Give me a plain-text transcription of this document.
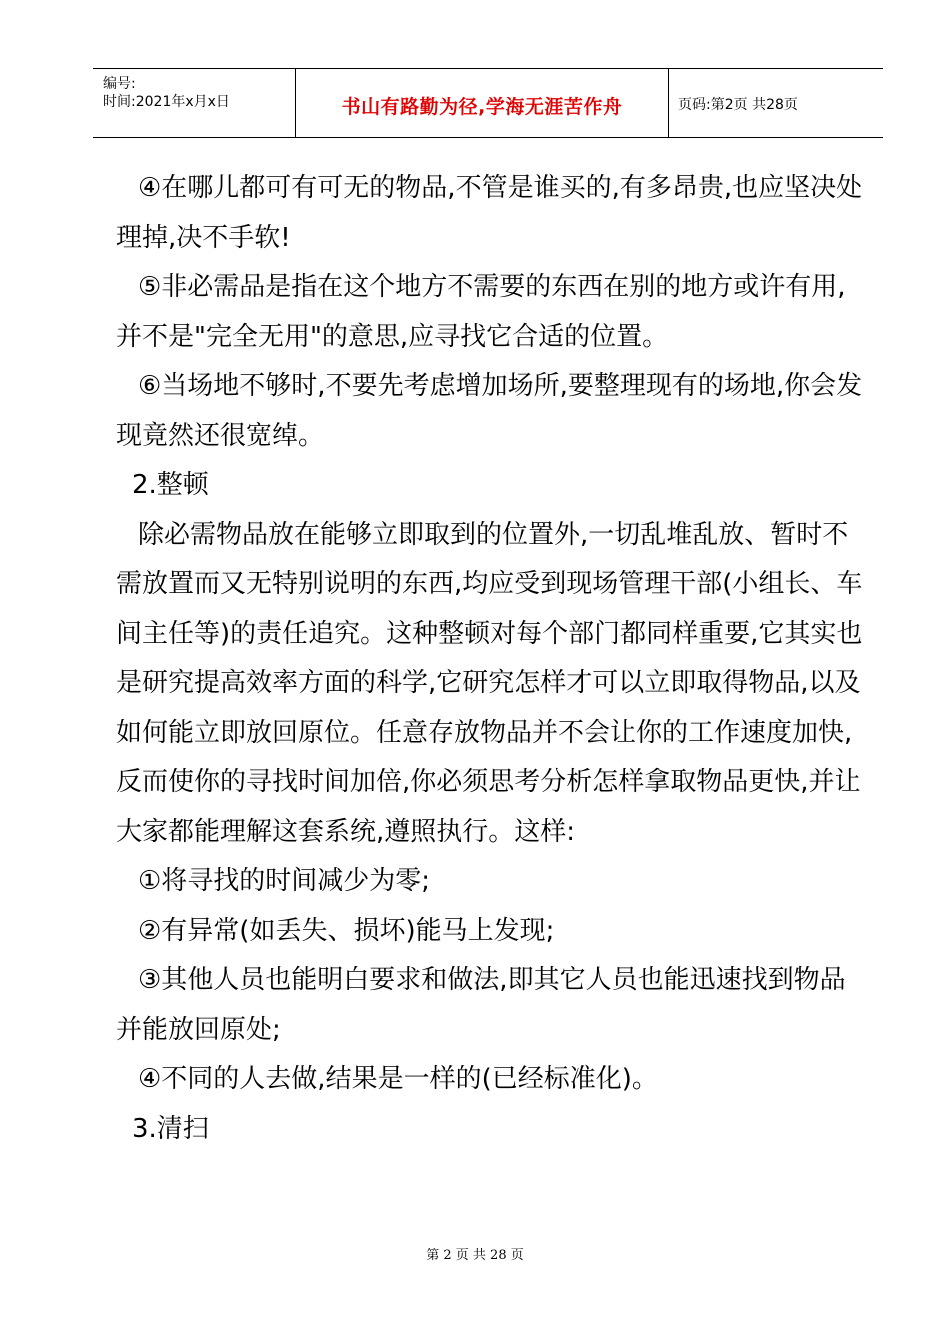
编号:
时间:2021年x月x日	书山有路勤为径,学海无涯苦作舟	页码:第2页 共28页

④在哪儿都可有可无的物品,不管是谁买的,有多昂贵,也应坚决处理掉,决不手软!

⑤非必需品是指在这个地方不需要的东西在别的地方或许有用,并不是"完全无用"的意思,应寻找它合适的位置。

⑥当场地不够时,不要先考虑增加场所,要整理现有的场地,你会发现竟然还很宽绰。

2.整顿

除必需物品放在能够立即取到的位置外,一切乱堆乱放、暂时不需放置而又无特别说明的东西,均应受到现场管理干部(小组长、车间主任等)的责任追究。这种整顿对每个部门都同样重要,它其实也是研究提高效率方面的科学,它研究怎样才可以立即取得物品,以及如何能立即放回原位。任意存放物品并不会让你的工作速度加快,反而使你的寻找时间加倍,你必须思考分析怎样拿取物品更快,并让大家都能理解这套系统,遵照执行。这样:

①将寻找的时间减少为零;

②有异常(如丢失、损坏)能马上发现;

③其他人员也能明白要求和做法,即其它人员也能迅速找到物品并能放回原处;

④不同的人去做,结果是一样的(已经标准化)。

3.清扫

第 2 页 共 28 页
